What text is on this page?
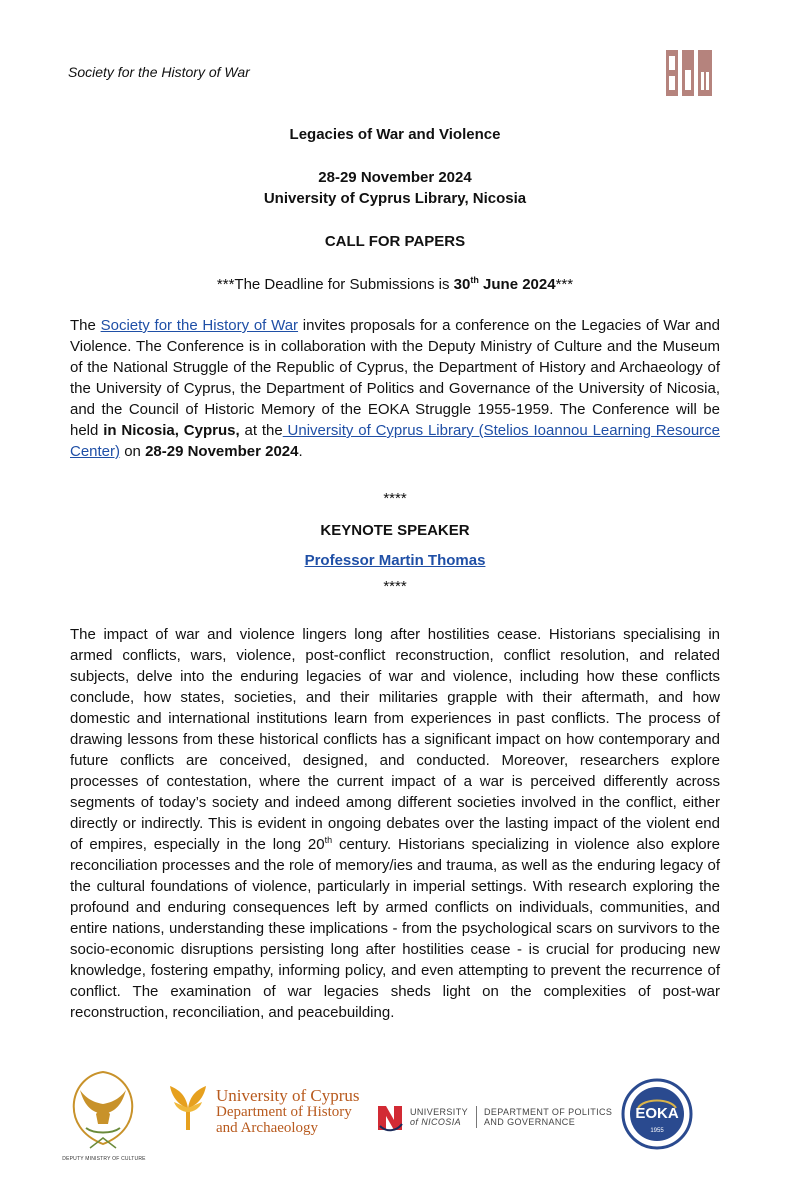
Society for the History of War
Legacies of War and Violence
28-29 November 2024
University of Cyprus Library, Nicosia
CALL FOR PAPERS
***The Deadline for Submissions is 30th June 2024***
The Society for the History of War invites proposals for a conference on the Legacies of War and Violence. The Conference is in collaboration with the Deputy Ministry of Culture and the Museum of the National Struggle of the Republic of Cyprus, the Department of History and Archaeology of the University of Cyprus, the Department of Politics and Governance of the University of Nicosia, and the Council of Historic Memory of the EOKA Struggle 1955-1959. The Conference will be held in Nicosia, Cyprus, at the University of Cyprus Library (Stelios Ioannou Learning Resource Center) on 28-29 November 2024.
****
KEYNOTE SPEAKER
Professor Martin Thomas
****
The impact of war and violence lingers long after hostilities cease. Historians specialising in armed conflicts, wars, violence, post-conflict reconstruction, conflict resolution, and related subjects, delve into the enduring legacies of war and violence, including how these conflicts conclude, how states, societies, and their militaries grapple with their aftermath, and how domestic and international institutions learn from experiences in past conflicts. The process of drawing lessons from these historical conflicts has a significant impact on how contemporary and future conflicts are conceived, designed, and conducted. Moreover, researchers explore processes of contestation, where the current impact of a war is perceived differently across segments of today’s society and indeed among different societies involved in the conflict, either directly or indirectly. This is evident in ongoing debates over the lasting impact of the violent end of empires, especially in the long 20th century. Historians specializing in violence also explore reconciliation processes and the role of memory/ies and trauma, as well as the enduring legacy of the cultural foundations of violence, particularly in imperial settings. With research exploring the profound and enduring consequences left by armed conflicts on individuals, communities, and entire nations, understanding these implications - from the psychological scars on survivors to the socio-economic disruptions persisting long after hostilities cease - is crucial for producing new knowledge, fostering empathy, informing policy, and even attempting to prevent the recurrence of conflict. The examination of war legacies sheds light on the complexities of post-war reconstruction, reconciliation, and peacebuilding.
DEPUTY MINISTRY OF CULTURE
University of Cyprus
Department of History
and Archaeology
UNIVERSITY
of NICOSIA
DEPARTMENT OF POLITICS
AND GOVERNANCE	EOKA
1955
